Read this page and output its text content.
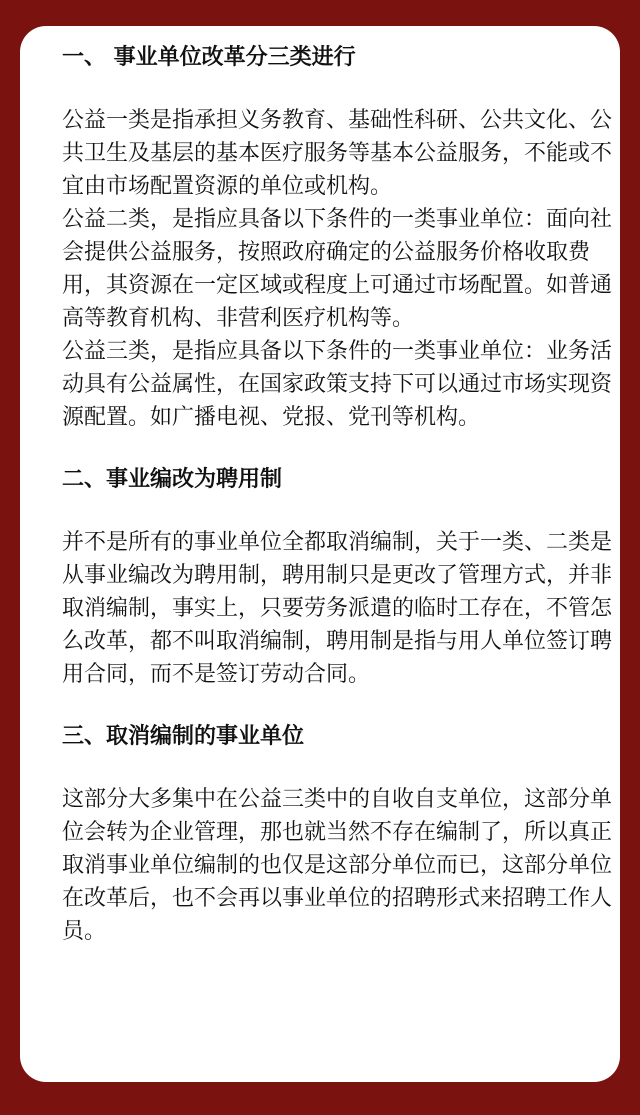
一、 事业单位改革分三类进行

公益一类是指承担义务教育、基础性科研、公共文化、公共卫生及基层的基本医疗服务等基本公益服务，不能或不宜由市场配置资源的单位或机构。

公益二类，是指应具备以下条件的一类事业单位：面向社会提供公益服务，按照政府确定的公益服务价格收取费用，其资源在一定区域或程度上可通过市场配置。如普通高等教育机构、非营利医疗机构等。

公益三类，是指应具备以下条件的一类事业单位：业务活动具有公益属性，在国家政策支持下可以通过市场实现资源配置。如广播电视、党报、党刊等机构。

二、事业编改为聘用制

并不是所有的事业单位全都取消编制，关于一类、二类是从事业编改为聘用制，聘用制只是更改了管理方式，并非取消编制，事实上，只要劳务派遣的临时工存在，不管怎么改革，都不叫取消编制，聘用制是指与用人单位签订聘用合同，而不是签订劳动合同。

三、取消编制的事业单位

这部分大多集中在公益三类中的自收自支单位，这部分单位会转为企业管理，那也就当然不存在编制了，所以真正取消事业单位编制的也仅是这部分单位而已，这部分单位在改革后，也不会再以事业单位的招聘形式来招聘工作人员。
